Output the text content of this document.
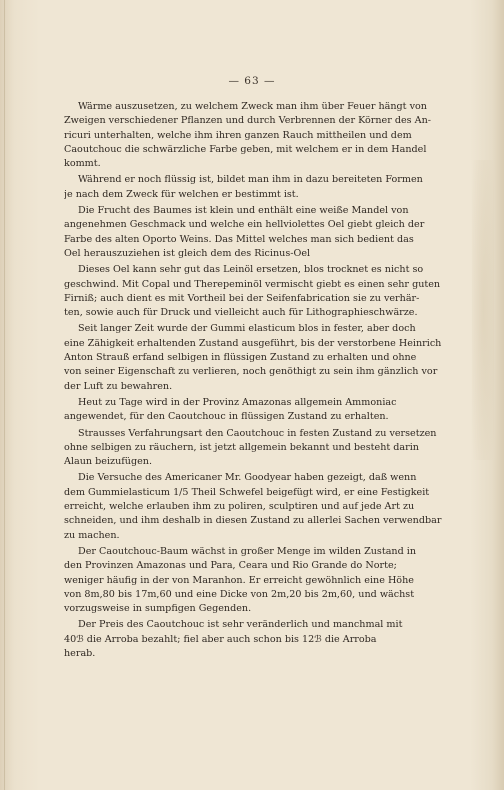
— 63 —

Wärme auszusetzen, zu welchem Zweck man ihm über Feuer hängt von
Zweigen verschiedener Pflanzen und durch Verbrennen der Körner des An-
ricuri unterhalten, welche ihm ihren ganzen Rauch mittheilen und dem
Caoutchouc die schwärzliche Farbe geben, mit welchem er in dem Handel
kommt.

Während er noch flüssig ist, bildet man ihm in dazu bereiteten Formen
je nach dem Zweck für welchen er bestimmt ist.

Die Frucht des Baumes ist klein und enthält eine weiße Mandel von
angenehmen Geschmack und welche ein hellviolettes Oel giebt gleich der
Farbe des alten Oporto Weins. Das Mittel welches man sich bedient das
Oel herauszuziehen ist gleich dem des Ricinus-Oel

Dieses Oel kann sehr gut das Leinöl ersetzen, blos trocknet es nicht so
geschwind. Mit Copal und Therepeminöl vermischt giebt es einen sehr guten
Firniß; auch dient es mit Vortheil bei der Seifenfabrication sie zu verhär-
ten, sowie auch für Druck und vielleicht auch für Lithographieschwärze.

Seit langer Zeit wurde der Gummi elasticum blos in fester, aber doch
eine Zähigkeit erhaltenden Zustand ausgeführt, bis der verstorbene Heinrich
Anton Strauß erfand selbigen in flüssigen Zustand zu erhalten und ohne
von seiner Eigenschaft zu verlieren, noch genöthigt zu sein ihm gänzlich vor
der Luft zu bewahren.

Heut zu Tage wird in der Provinz Amazonas allgemein Ammoniac
angewendet, für den Caoutchouc in flüssigen Zustand zu erhalten.

Strausses Verfahrungsart den Caoutchouc in festen Zustand zu versetzen
ohne selbigen zu räuchern, ist jetzt allgemein bekannt und besteht darin
Alaun beizufügen.

Die Versuche des Americaner Mr. Goodyear haben gezeigt, daß wenn
dem Gummielasticum 1/5 Theil Schwefel beigefügt wird, er eine Festigkeit
erreicht, welche erlauben ihm zu poliren, sculptiren und auf jede Art zu
schneiden, und ihm deshalb in diesen Zustand zu allerlei Sachen verwendbar
zu machen.

Der Caoutchouc-Baum wächst in großer Menge im wilden Zustand in
den Provinzen Amazonas und Para, Ceara und Rio Grande do Norte;
weniger häufig in der von Maranhon. Er erreicht gewöhnlich eine Höhe
von 8m,80 bis 17m,60 und eine Dicke von 2m,20 bis 2m,60, und wächst
vorzugsweise in sumpfigen Gegenden.

Der Preis des Caoutchouc ist sehr veränderlich und manchmal mit
40ℬ die Arroba bezahlt; fiel aber auch schon bis 12ℬ die Arroba
herab.
